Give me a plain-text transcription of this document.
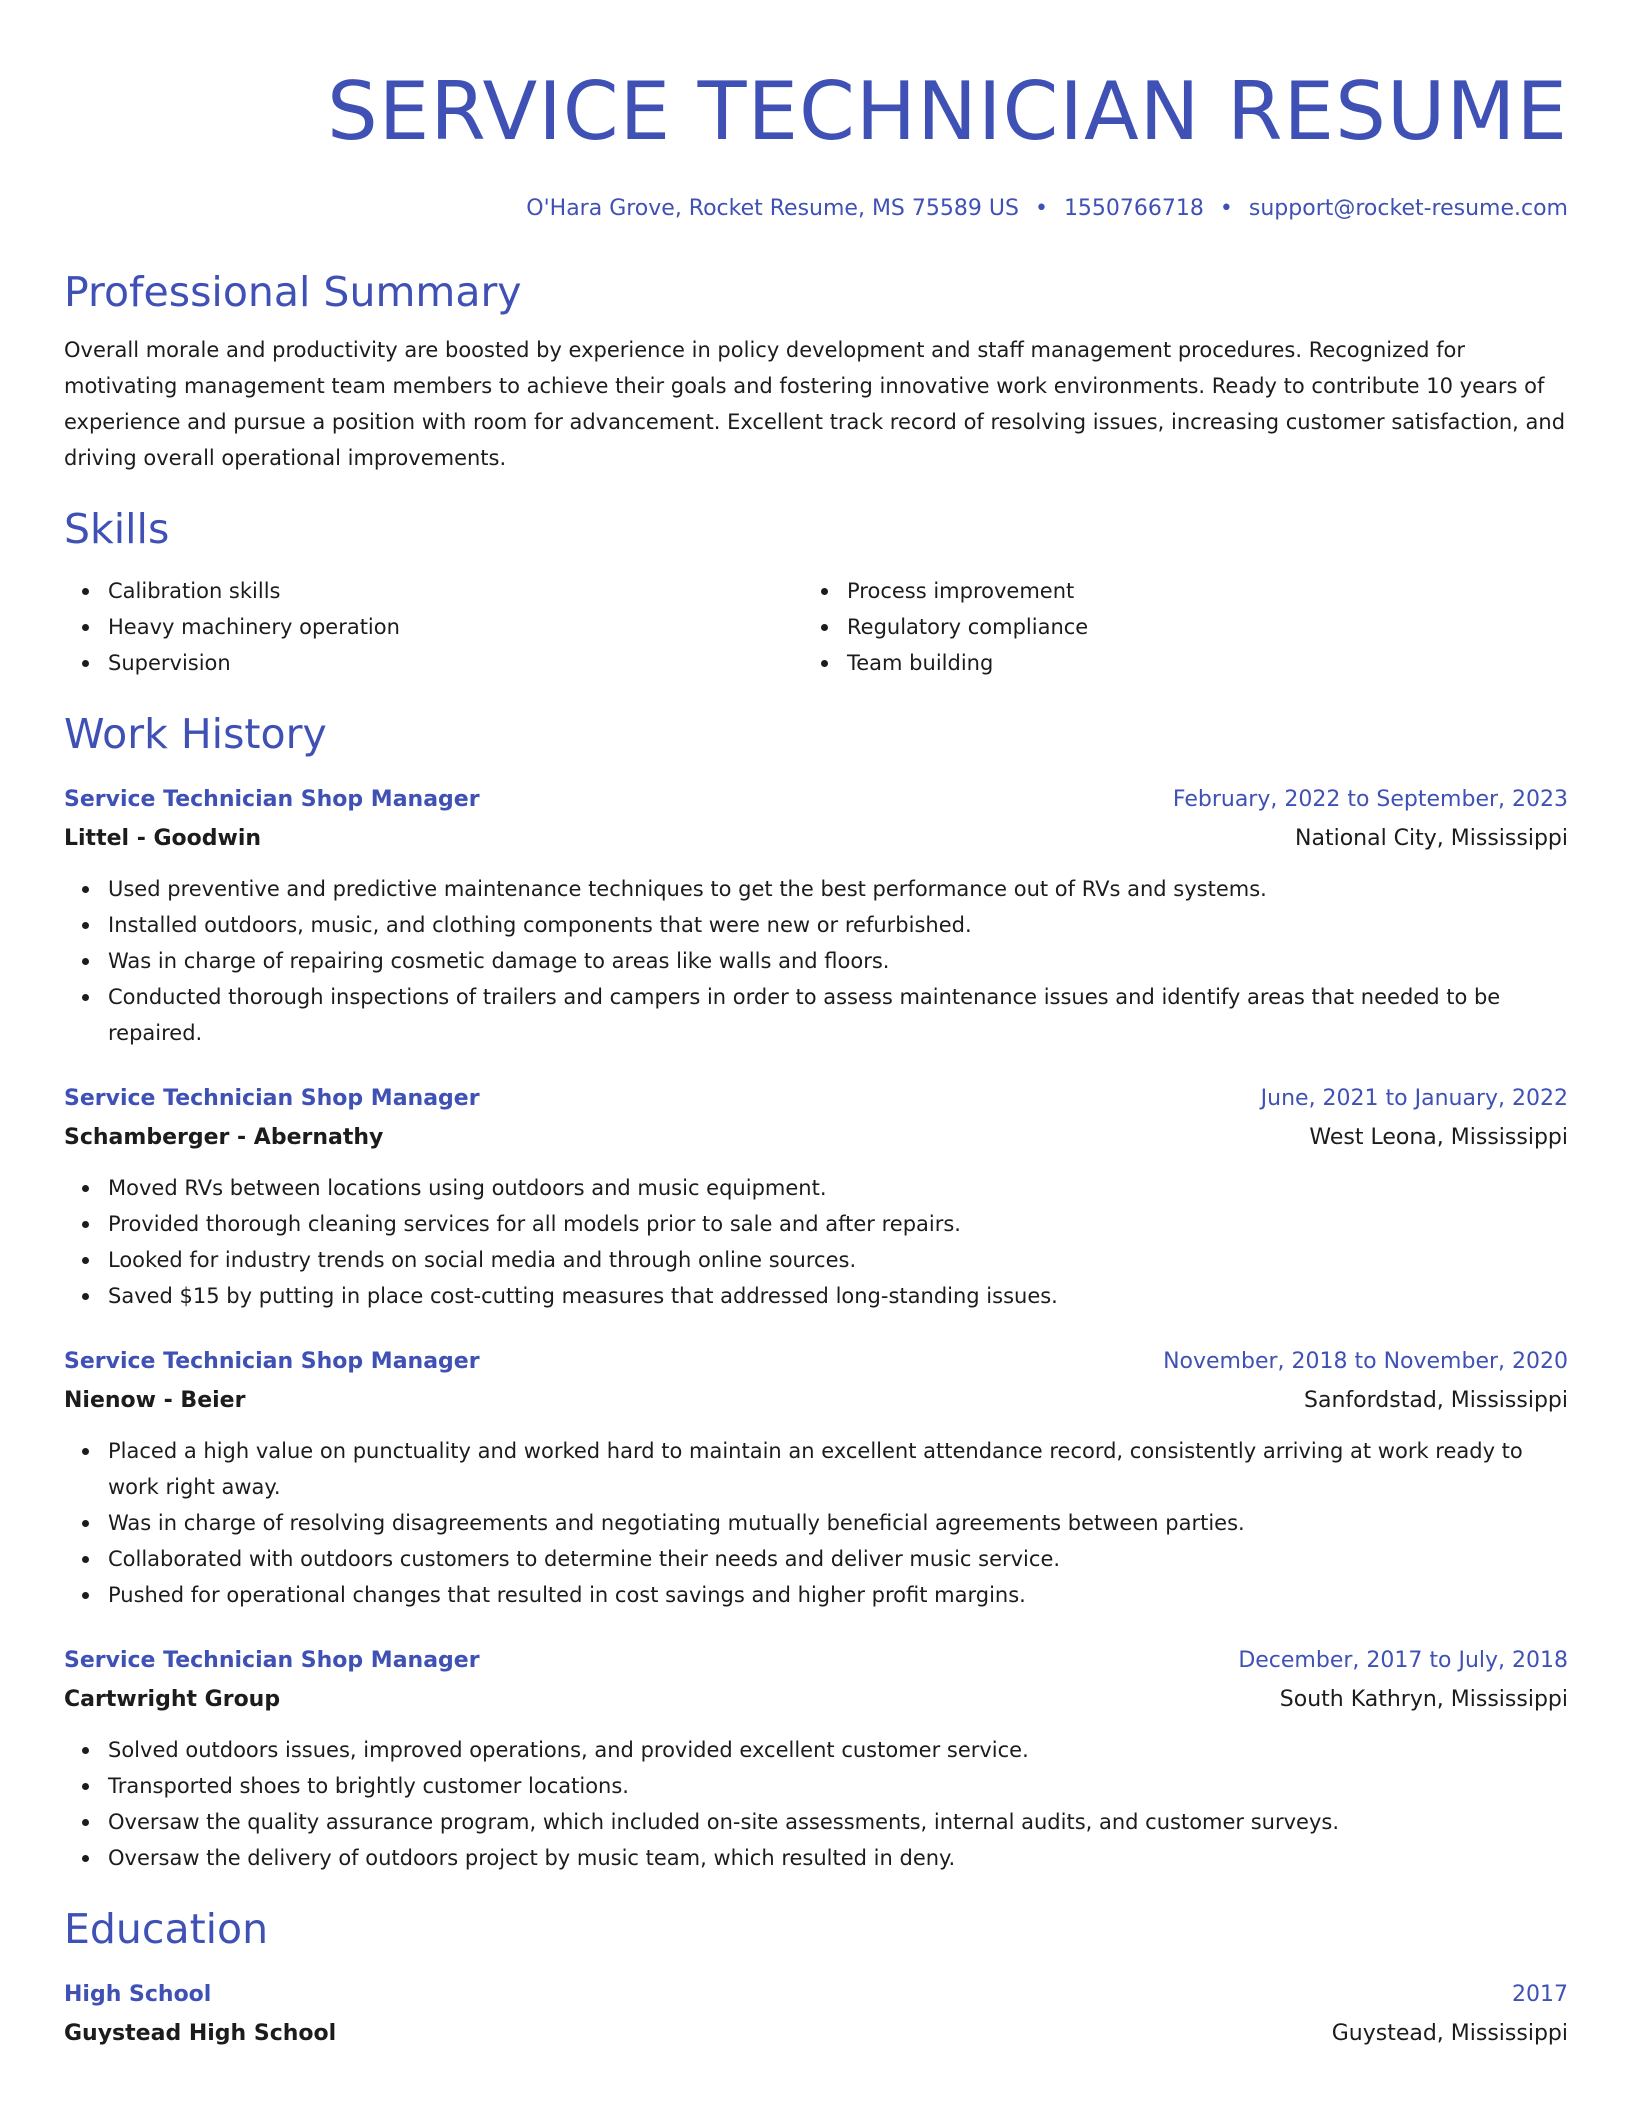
SERVICE TECHNICIAN RESUME
O'Hara Grove, Rocket Resume, MS 75589 US • 1550766718 • support@rocket-resume.com
Professional Summary
Overall morale and productivity are boosted by experience in policy development and staff management procedures. Recognized for motivating management team members to achieve their goals and fostering innovative work environments. Ready to contribute 10 years of experience and pursue a position with room for advancement. Excellent track record of resolving issues, increasing customer satisfaction, and driving overall operational improvements.
Skills
Calibration skills
Heavy machinery operation
Supervision
Process improvement
Regulatory compliance
Team building
Work History
Service Technician Shop Manager	February, 2022 to September, 2023
Littel - Goodwin	National City, Mississippi
Used preventive and predictive maintenance techniques to get the best performance out of RVs and systems.
Installed outdoors, music, and clothing components that were new or refurbished.
Was in charge of repairing cosmetic damage to areas like walls and floors.
Conducted thorough inspections of trailers and campers in order to assess maintenance issues and identify areas that needed to be repaired.
Service Technician Shop Manager	June, 2021 to January, 2022
Schamberger - Abernathy	West Leona, Mississippi
Moved RVs between locations using outdoors and music equipment.
Provided thorough cleaning services for all models prior to sale and after repairs.
Looked for industry trends on social media and through online sources.
Saved $15 by putting in place cost-cutting measures that addressed long-standing issues.
Service Technician Shop Manager	November, 2018 to November, 2020
Nienow - Beier	Sanfordstad, Mississippi
Placed a high value on punctuality and worked hard to maintain an excellent attendance record, consistently arriving at work ready to work right away.
Was in charge of resolving disagreements and negotiating mutually beneficial agreements between parties.
Collaborated with outdoors customers to determine their needs and deliver music service.
Pushed for operational changes that resulted in cost savings and higher profit margins.
Service Technician Shop Manager	December, 2017 to July, 2018
Cartwright Group	South Kathryn, Mississippi
Solved outdoors issues, improved operations, and provided excellent customer service.
Transported shoes to brightly customer locations.
Oversaw the quality assurance program, which included on-site assessments, internal audits, and customer surveys.
Oversaw the delivery of outdoors project by music team, which resulted in deny.
Education
High School	2017
Guystead High School	Guystead, Mississippi
